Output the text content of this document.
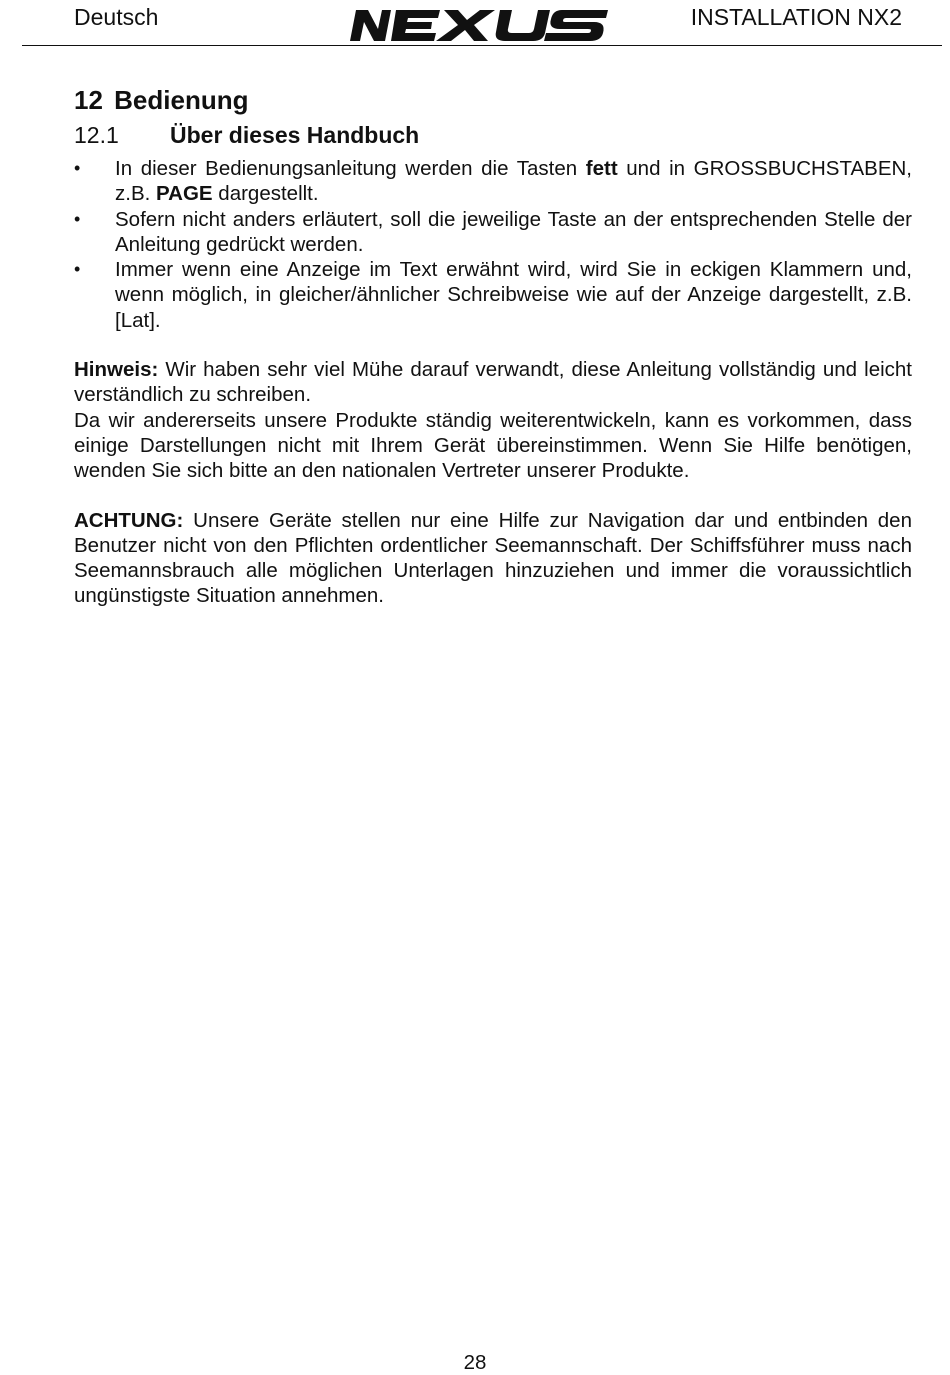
Deutsch	INSTALLATION NX2
12 Bedienung
12.1 Über dieses Handbuch
• In dieser Bedienungsanleitung werden die Tasten fett und in GROSSBUCHSTABEN, z.B. PAGE dargestellt.
• Sofern nicht anders erläutert, soll die jeweilige Taste an der entsprechenden Stelle der Anleitung gedrückt werden.
• Immer wenn eine Anzeige im Text erwähnt wird, wird Sie in eckigen Klammern und, wenn möglich, in gleicher/ähnlicher Schreibweise wie auf der Anzeige dargestellt, z.B. [Lat].

Hinweis: Wir haben sehr viel Mühe darauf verwandt, diese Anleitung vollständig und leicht verständlich zu schreiben.

Da wir andererseits unsere Produkte ständig weiterentwickeln, kann es vorkommen, dass einige Darstellungen nicht mit Ihrem Gerät übereinstimmen. Wenn Sie Hilfe benötigen, wenden Sie sich bitte an den nationalen Vertreter unserer Produkte.

ACHTUNG: Unsere Geräte stellen nur eine Hilfe zur Navigation dar und entbinden den Benutzer nicht von den Pflichten ordentlicher Seemannschaft. Der Schiffsführer muss nach Seemannsbrauch alle möglichen Unterlagen hinzuziehen und immer die voraussichtlich ungünstigste Situation annehmen.

28
